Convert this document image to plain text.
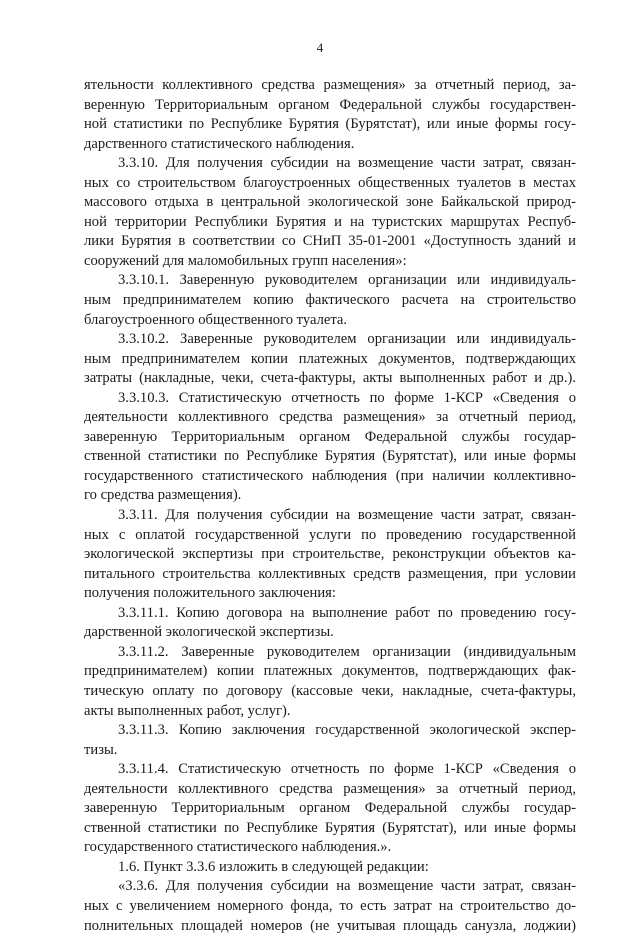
4
ятельности коллективного средства размещения» за отчетный период, за-
веренную Территориальным органом Федеральной службы государствен-
ной статистики по Республике Бурятия (Бурятстат), или иные формы госу-
дарственного статистического наблюдения.
3.3.10. Для получения субсидии на возмещение части затрат, связан-
ных со строительством благоустроенных общественных туалетов в местах
массового отдыха в центральной экологической зоне Байкальской природ-
ной территории Республики Бурятия и на туристских маршрутах Респуб-
лики Бурятия в соответствии со СНиП 35-01-2001 «Доступность зданий и
сооружений для маломобильных групп населения»:
3.3.10.1. Заверенную руководителем организации или индивидуаль-
ным предпринимателем копию фактического расчета на строительство
благоустроенного общественного туалета.
3.3.10.2. Заверенные руководителем организации или индивидуаль-
ным предпринимателем копии платежных документов, подтверждающих
затраты (накладные, чеки, счета-фактуры, акты выполненных работ и др.).
3.3.10.3. Статистическую отчетность по форме 1-КСР «Сведения о
деятельности коллективного средства размещения» за отчетный период,
заверенную Территориальным органом Федеральной службы государ-
ственной статистики по Республике Бурятия (Бурятстат), или иные формы
государственного статистического наблюдения (при наличии коллективно-
го средства размещения).
3.3.11. Для получения субсидии на возмещение части затрат, связан-
ных с оплатой государственной услуги по проведению государственной
экологической экспертизы при строительстве, реконструкции объектов ка-
питального строительства коллективных средств размещения, при условии
получения положительного заключения:
3.3.11.1. Копию договора на выполнение работ по проведению госу-
дарственной экологической экспертизы.
3.3.11.2. Заверенные руководителем организации (индивидуальным
предпринимателем) копии платежных документов, подтверждающих фак-
тическую оплату по договору (кассовые чеки, накладные, счета-фактуры,
акты выполненных работ, услуг).
3.3.11.3. Копию заключения государственной экологической экспер-
тизы.
3.3.11.4. Статистическую отчетность по форме 1-КСР «Сведения о
деятельности коллективного средства размещения» за отчетный период,
заверенную Территориальным органом Федеральной службы государ-
ственной статистики по Республике Бурятия (Бурятстат), или иные формы
государственного статистического наблюдения.».
1.6. Пункт 3.3.6 изложить в следующей редакции:
«3.3.6. Для получения субсидии на возмещение части затрат, связан-
ных с увеличением номерного фонда, то есть затрат на строительство до-
полнительных площадей номеров (не учитывая площадь санузла, лоджии)
